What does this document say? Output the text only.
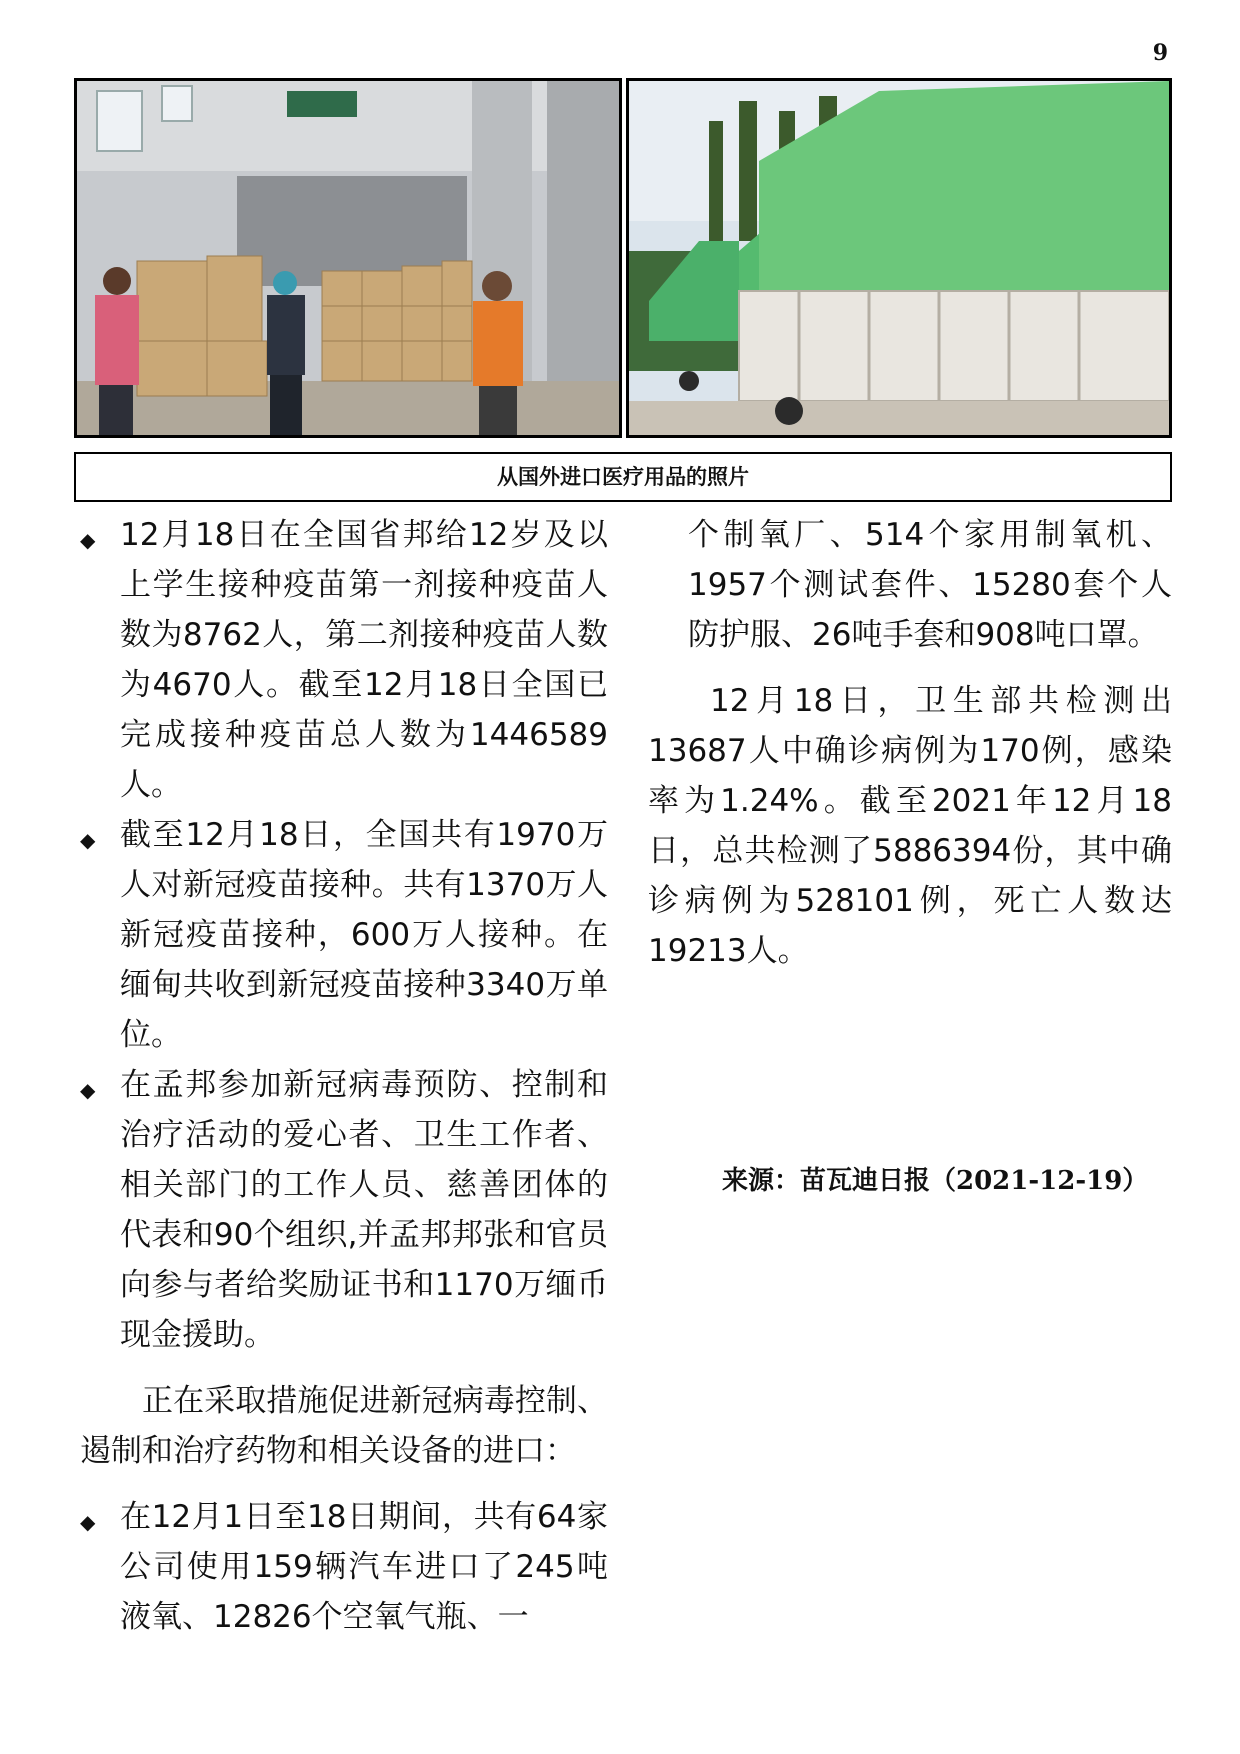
9
从国外进口医疗用品的照片
◆ 12月18日在全国省邦给12岁及以上学生接种疫苗第一剂接种疫苗人数为8762人，第二剂接种疫苗人数为4670人。截至12月18日全国已完成接种疫苗总人数为1446589人。
◆ 截至12月18日，全国共有1970万人对新冠疫苗接种。共有1370万人新冠疫苗接种，600万人接种。在缅甸共收到新冠疫苗接种3340万单位。
◆ 在孟邦参加新冠病毒预防、控制和治疗活动的爱心者、卫生工作者、相关部门的工作人员、慈善团体的代表和90个组织,并孟邦邦张和官员向参与者给奖励证书和1170万缅币现金援助。
正在采取措施促进新冠病毒控制、遏制和治疗药物和相关设备的进口：
◆ 在12月1日至18日期间，共有64家公司使用159辆汽车进口了245吨液氧、12826个空氧气瓶、一
个制氧厂、514个家用制氧机、1957个测试套件、15280套个人防护服、26吨手套和908吨口罩。
12月18日，卫生部共检测出13687人中确诊病例为170例，感染率为1.24%。截至2021年12月18日，总共检测了5886394份，其中确诊病例为528101例，死亡人数达19213人。
来源：苗瓦迪日报（2021-12-19）
